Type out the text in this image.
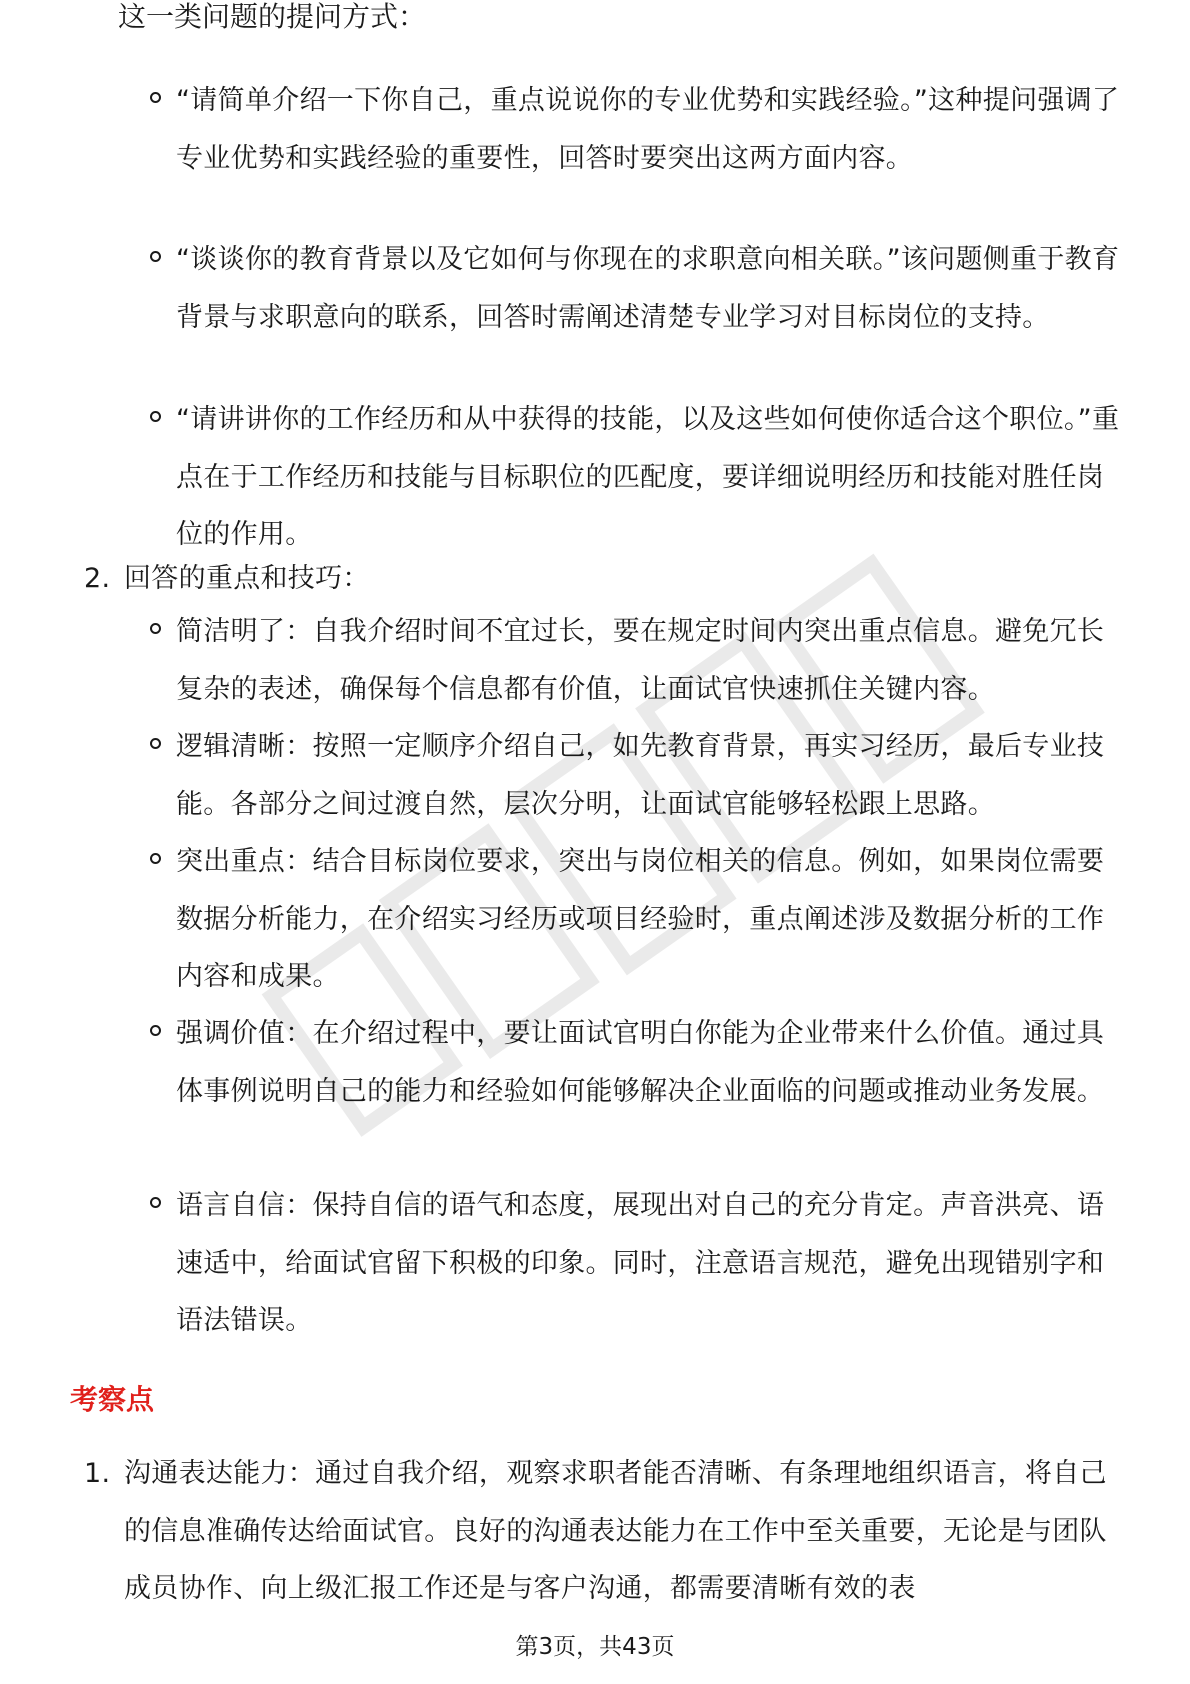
这一类问题的提问方式：

“请简单介绍一下你自己，重点说说你的专业优势和实践经验。”这种提问强调了专业优势和实践经验的重要性，回答时要突出这两方面内容。

“谈谈你的教育背景以及它如何与你现在的求职意向相关联。”该问题侧重于教育背景与求职意向的联系，回答时需阐述清楚专业学习对目标岗位的支持。

“请讲讲你的工作经历和从中获得的技能，以及这些如何使你适合这个职位。”重点在于工作经历和技能与目标职位的匹配度，要详细说明经历和技能对胜任岗位的作用。

2. 回答的重点和技巧：

简洁明了：自我介绍时间不宜过长，要在规定时间内突出重点信息。避免冗长复杂的表述，确保每个信息都有价值，让面试官快速抓住关键内容。

逻辑清晰：按照一定顺序介绍自己，如先教育背景，再实习经历，最后专业技能。各部分之间过渡自然，层次分明，让面试官能够轻松跟上思路。

突出重点：结合目标岗位要求，突出与岗位相关的信息。例如，如果岗位需要数据分析能力，在介绍实习经历或项目经验时，重点阐述涉及数据分析的工作内容和成果。

强调价值：在介绍过程中，要让面试官明白你能为企业带来什么价值。通过具体事例说明自己的能力和经验如何能够解决企业面临的问题或推动业务发展。

语言自信：保持自信的语气和态度，展现出对自己的充分肯定。声音洪亮、语速适中，给面试官留下积极的印象。同时，注意语言规范，避免出现错别字和语法错误。

考察点
1. 沟通表达能力：通过自我介绍，观察求职者能否清晰、有条理地组织语言，将自己的信息准确传达给面试官。良好的沟通表达能力在工作中至关重要，无论是与团队成员协作、向上级汇报工作还是与客户沟通，都需要清晰有效的表

第3页，共43页
